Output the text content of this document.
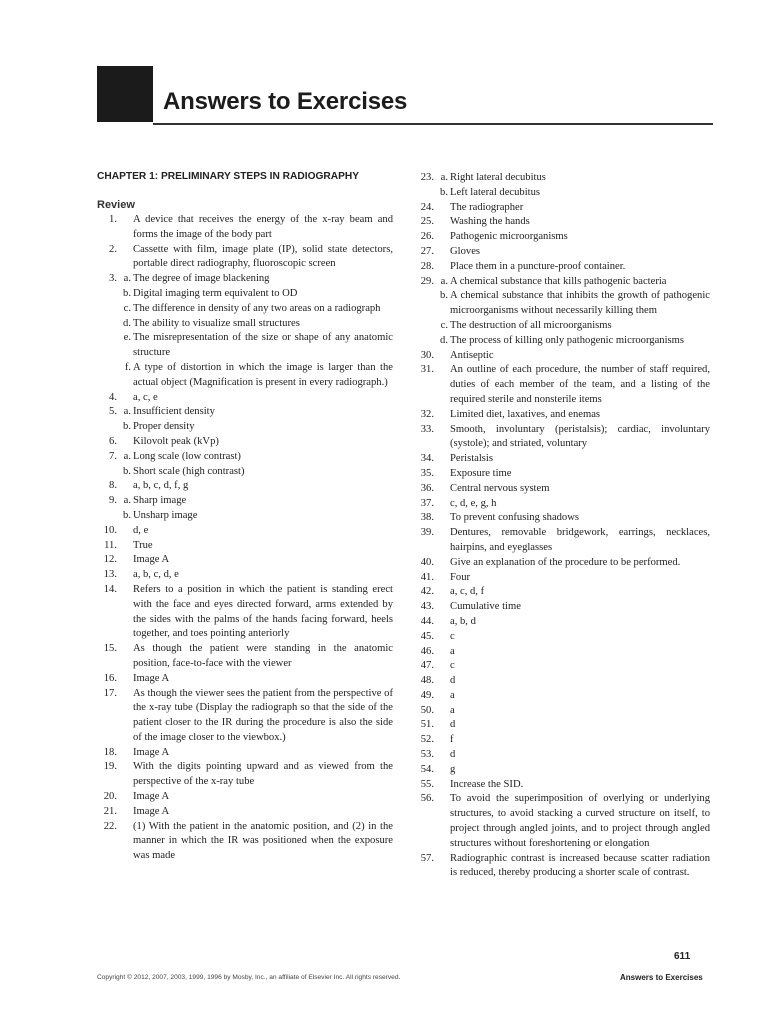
Answers to Exercises
CHAPTER 1: PRELIMINARY STEPS IN RADIOGRAPHY
Review
1. A device that receives the energy of the x-ray beam and forms the image of the body part
2. Cassette with film, image plate (IP), solid state detectors, portable direct radiography, fluoroscopic screen
3. a. The degree of image blackening
b. Digital imaging term equivalent to OD
c. The difference in density of any two areas on a radiograph
d. The ability to visualize small structures
e. The misrepresentation of the size or shape of any anatomic structure
f. A type of distortion in which the image is larger than the actual object (Magnification is present in every radiograph.)
4. a, c, e
5. a. Insufficient density
b. Proper density
6. Kilovolt peak (kVp)
7. a. Long scale (low contrast)
b. Short scale (high contrast)
8. a, b, c, d, f, g
9. a. Sharp image
b. Unsharp image
10. d, e
11. True
12. Image A
13. a, b, c, d, e
14. Refers to a position in which the patient is standing erect with the face and eyes directed forward, arms extended by the sides with the palms of the hands facing forward, heels together, and toes pointing anteriorly
15. As though the patient were standing in the anatomic position, face-to-face with the viewer
16. Image A
17. As though the viewer sees the patient from the perspective of the x-ray tube (Display the radiograph so that the side of the patient closer to the IR during the procedure is also the side of the image closer to the viewbox.)
18. Image A
19. With the digits pointing upward and as viewed from the perspective of the x-ray tube
20. Image A
21. Image A
22. (1) With the patient in the anatomic position, and (2) in the manner in which the IR was positioned when the exposure was made
23. a. Right lateral decubitus
b. Left lateral decubitus
24. The radiographer
25. Washing the hands
26. Pathogenic microorganisms
27. Gloves
28. Place them in a puncture-proof container.
29. a. A chemical substance that kills pathogenic bacteria
b. A chemical substance that inhibits the growth of pathogenic microorganisms without necessarily killing them
c. The destruction of all microorganisms
d. The process of killing only pathogenic microorganisms
30. Antiseptic
31. An outline of each procedure, the number of staff required, duties of each member of the team, and a listing of the required sterile and nonsterile items
32. Limited diet, laxatives, and enemas
33. Smooth, involuntary (peristalsis); cardiac, involuntary (systole); and striated, voluntary
34. Peristalsis
35. Exposure time
36. Central nervous system
37. c, d, e, g, h
38. To prevent confusing shadows
39. Dentures, removable bridgework, earrings, necklaces, hairpins, and eyeglasses
40. Give an explanation of the procedure to be performed.
41. Four
42. a, c, d, f
43. Cumulative time
44. a, b, d
45. c
46. a
47. c
48. d
49. a
50. a
51. d
52. f
53. d
54. g
55. Increase the SID.
56. To avoid the superimposition of overlying or underlying structures, to avoid stacking a curved structure on itself, to project through angled joints, and to project through angled structures without foreshortening or elongation
57. Radiographic contrast is increased because scatter radiation is reduced, thereby producing a shorter scale of contrast.
611
Copyright © 2012, 2007, 2003, 1999, 1996 by Mosby, Inc., an affiliate of Elsevier Inc. All rights reserved.	Answers to Exercises
